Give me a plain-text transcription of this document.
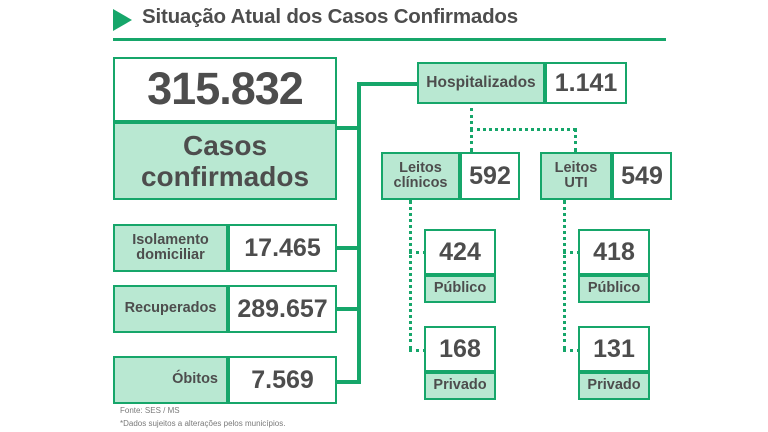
Situação Atual dos Casos Confirmados
315.832
Casos
confirmados
Isolamento
domiciliar	17.465
Recuperados 289.657
Óbitos	7.569
Hospitalizados 1.141
Leitos
clínicos 592
424
Público
168
Privado
Leitos
UTI	549
418
Público
131
Privado
Fonte: SES / MS
*Dados sujeitos a alterações pelos municípios.
